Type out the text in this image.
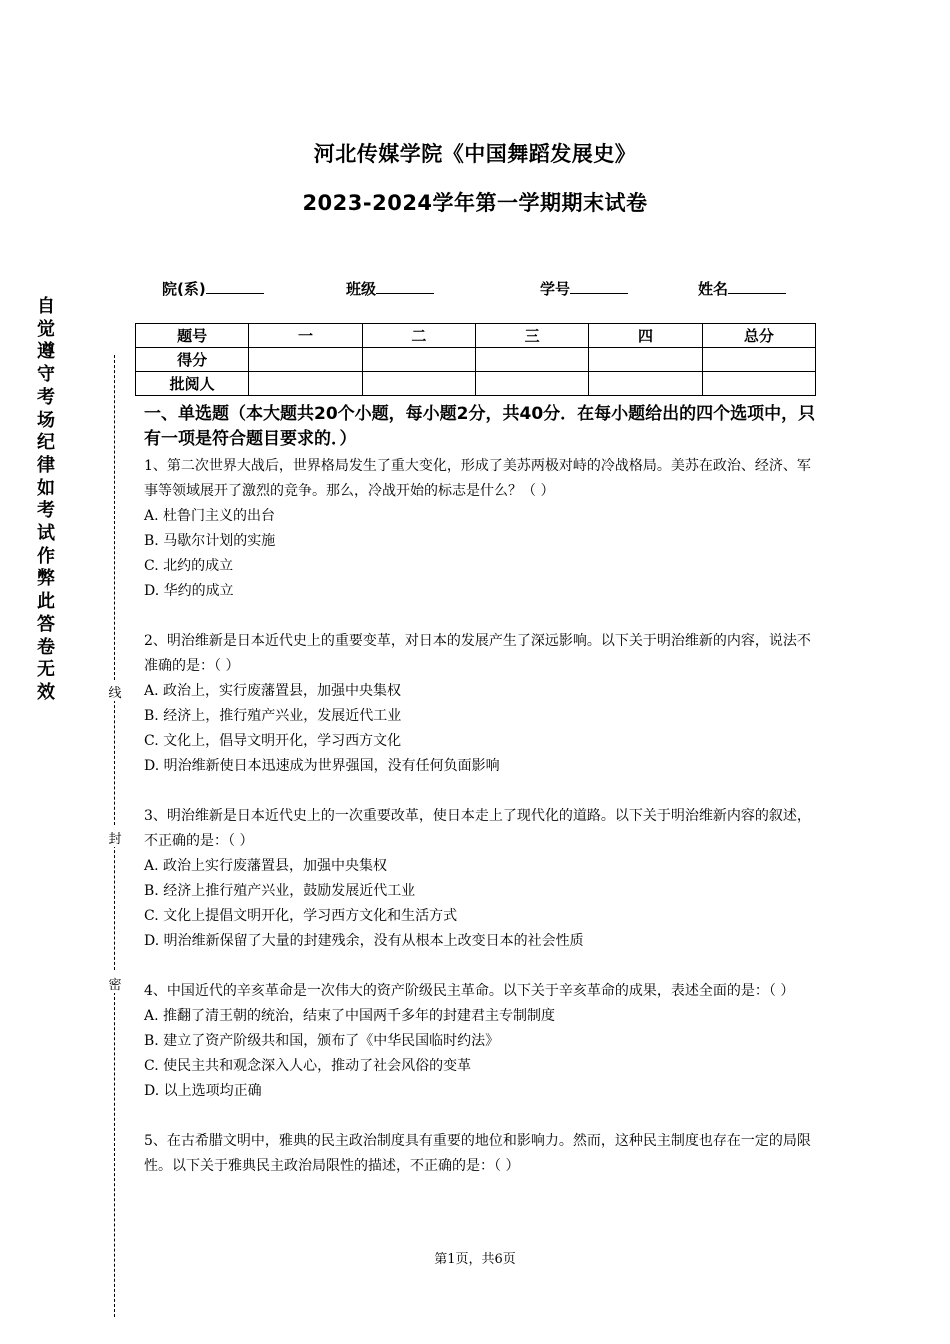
河北传媒学院《中国舞蹈发展史》
2023-2024学年第一学期期末试卷
院(系)	班级	学号	姓名
题号	一	二	三	四	总分
得分					
批阅人					
自觉遵守考场纪律如考试作弊此答卷无效	线
封
密
一、单选题（本大题共20个小题，每小题2分，共40分．在每小题给出的四个选项中，只有一项是符合题目要求的．）

1、第二次世界大战后，世界格局发生了重大变化，形成了美苏两极对峙的冷战格局。美苏在政治、经济、军事等领域展开了激烈的竞争。那么，冷战开始的标志是什么？（ ）

A. 杜鲁门主义的出台

B. 马歇尔计划的实施

C. 北约的成立

D. 华约的成立

2、明治维新是日本近代史上的重要变革，对日本的发展产生了深远影响。以下关于明治维新的内容，说法不准确的是：（ ）

A. 政治上，实行废藩置县，加强中央集权

B. 经济上，推行殖产兴业，发展近代工业

C. 文化上，倡导文明开化，学习西方文化

D. 明治维新使日本迅速成为世界强国，没有任何负面影响

3、明治维新是日本近代史上的一次重要改革，使日本走上了现代化的道路。以下关于明治维新内容的叙述，不正确的是：（ ）

A. 政治上实行废藩置县，加强中央集权

B. 经济上推行殖产兴业，鼓励发展近代工业

C. 文化上提倡文明开化，学习西方文化和生活方式

D. 明治维新保留了大量的封建残余，没有从根本上改变日本的社会性质

4、中国近代的辛亥革命是一次伟大的资产阶级民主革命。以下关于辛亥革命的成果，表述全面的是：（ ）

A. 推翻了清王朝的统治，结束了中国两千多年的封建君主专制制度

B. 建立了资产阶级共和国，颁布了《中华民国临时约法》

C. 使民主共和观念深入人心，推动了社会风俗的变革

D. 以上选项均正确

5、在古希腊文明中，雅典的民主政治制度具有重要的地位和影响力。然而，这种民主制度也存在一定的局限性。以下关于雅典民主政治局限性的描述，不正确的是：（ ）

第1页，共6页
